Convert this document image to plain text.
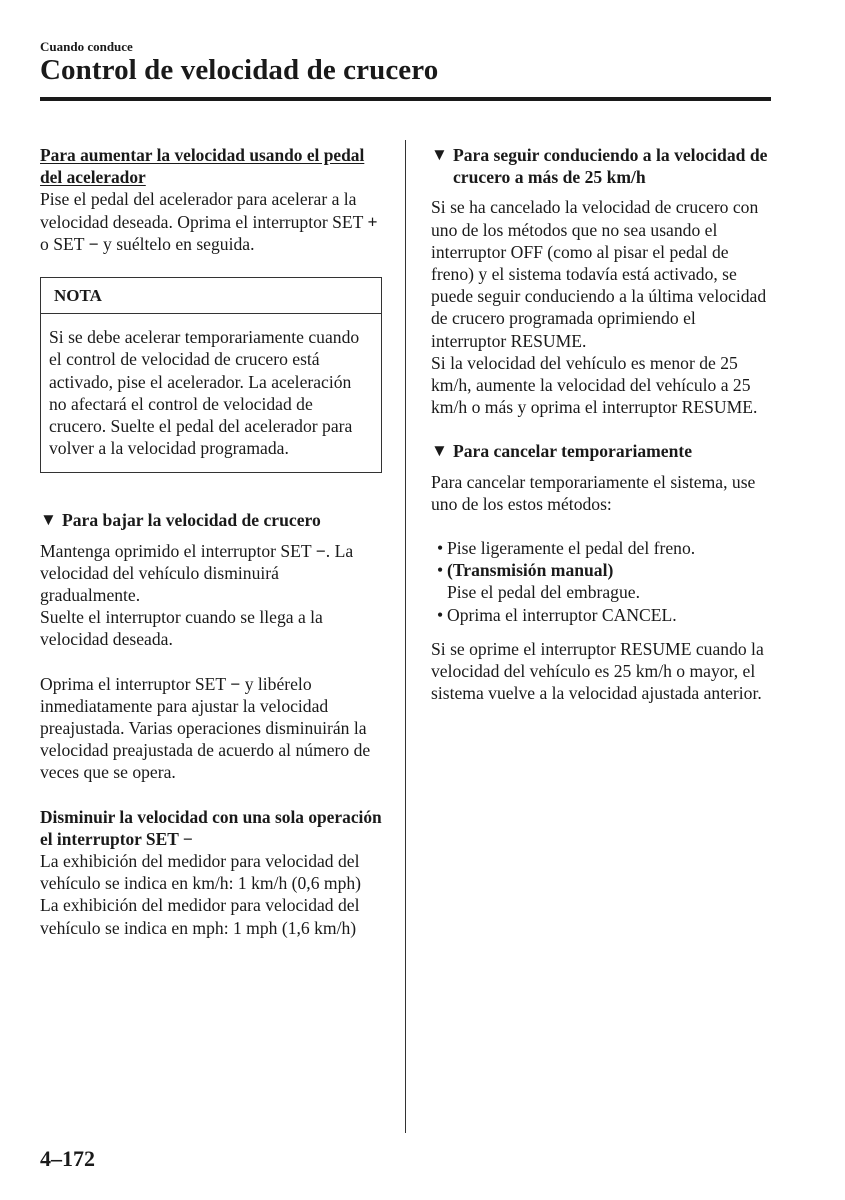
Cuando conduce
Control de velocidad de crucero

Para aumentar la velocidad usando el pedal del acelerador

Pise el pedal del acelerador para acelerar a la velocidad deseada. Oprima el interruptor SET + o SET − y suéltelo en seguida.

NOTA
Si se debe acelerar temporariamente cuando el control de velocidad de crucero está activado, pise el acelerador. La aceleración no afectará el control de velocidad de crucero. Suelte el pedal del acelerador para volver a la velocidad programada.
▼ Para bajar la velocidad de crucero

Mantenga oprimido el interruptor SET −. La velocidad del vehículo disminuirá gradualmente.

Suelte el interruptor cuando se llega a la velocidad deseada.

Oprima el interruptor SET − y libérelo inmediatamente para ajustar la velocidad preajustada. Varias operaciones disminuirán la velocidad preajustada de acuerdo al número de veces que se opera.

Disminuir la velocidad con una sola operación el interruptor SET −

La exhibición del medidor para velocidad del vehículo se indica en km/h: 1 km/h (0,6 mph)

La exhibición del medidor para velocidad del vehículo se indica en mph: 1 mph (1,6 km/h)

▼ Para seguir conduciendo a la velocidad de crucero a más de 25 km/h

Si se ha cancelado la velocidad de crucero con uno de los métodos que no sea usando el interruptor OFF (como al pisar el pedal de freno) y el sistema todavía está activado, se puede seguir conduciendo a la última velocidad de crucero programada oprimiendo el interruptor RESUME.

Si la velocidad del vehículo es menor de 25 km/h, aumente la velocidad del vehículo a 25 km/h o más y oprima el interruptor RESUME.

▼ Para cancelar temporariamente

Para cancelar temporariamente el sistema, use uno de los estos métodos:

• Pise ligeramente el pedal del freno.
• (Transmisión manual)
Pise el pedal del embrague.
• Oprima el interruptor CANCEL.

Si se oprime el interruptor RESUME cuando la velocidad del vehículo es 25 km/h o mayor, el sistema vuelve a la velocidad ajustada anterior.

4–172
